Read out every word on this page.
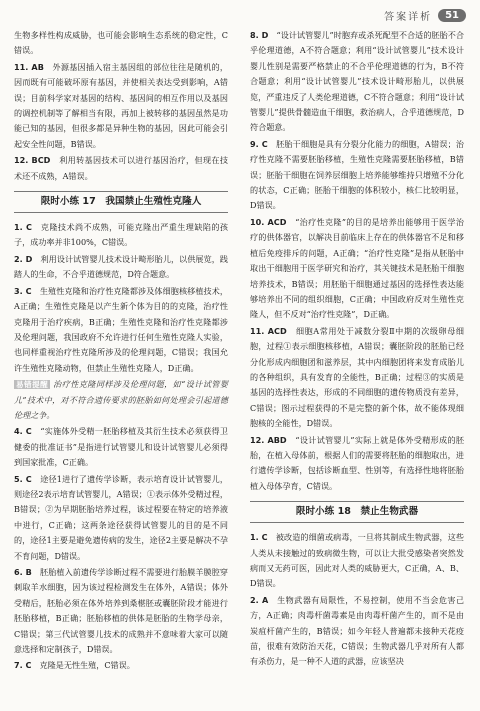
答案详析	51

生物多样性构成威胁，也可能会影响生态系统的稳定性，C错误。

11. AB　 外源基因插入宿主基因组的部位往往是随机的，因而既有可能破坏原有基因，并使相关表达受到影响，A错误；目前科学家对基因的结构、基因间的相互作用以及基因的调控机制等了解相当有限，再加上被转移的基因虽然是功能已知的基因，但很多都是异种生物的基因，因此可能会引起安全性问题，B错误。

12. BCD　 利用转基因技术可以进行基因治疗，但现在技术还不成熟，A错误。

限时小练 17　我国禁止生殖性克隆人

1. C　 克隆技术尚不成熟，可能克隆出严重生理缺陷的孩子，成功率并非100%，C错误。

2. D　 利用设计试管婴儿技术设计畸形胎儿，以供展览，践踏人的生命，不合乎道德规范，D符合题意。

3. C　 生殖性克隆和治疗性克隆都涉及体细胞核移植技术，A正确；生殖性克隆是以产生新个体为目的的克隆，治疗性克隆用于治疗疾病，B正确；生殖性克隆和治疗性克隆都涉及伦理问题，我国政府不允许进行任何生殖性克隆人实验，也同样重视治疗性克隆所涉及的伦理问题，C错误；我国允许生殖性克隆动物，但禁止生殖性克隆人，D正确。

易错提醒 治疗性克隆同样涉及伦理问题，如“设计试管婴儿”技术中，对不符合遗传要求的胚胎如何处理会引起道德伦理之争。

4. C　 “实施体外受精一胚胎移植及其衍生技术必须获得卫健委的批准证书”是指进行试管婴儿和设计试管婴儿必须得到国家批准，C正确。

5. C　 途径1进行了遗传学诊断，表示培育设计试管婴儿，则途径2表示培育试管婴儿，A错误；①表示体外受精过程，B错误；②为早期胚胎培养过程，该过程要在特定的培养液中进行，C正确；这两条途径获得试管婴儿的目的是不同的，途径1主要是避免遗传病的发生，途径2主要是解决不孕不育问题，D错误。

6. B　 胚胎植入前遗传学诊断过程不需要进行胎膜羊膜腔穿刺取羊水细胞，因为该过程检测发生在体外，A错误；体外受精后，胚胎必须在体外培养到桑椹胚或囊胚阶段才能进行胚胎移植，B正确；胚胎移植的供体是胚胎的生物学母亲，C错误；第三代试管婴儿技术的成熟并不意味着大家可以随意选择和定制孩子，D错误。

7. C　 克隆是无性生殖，C错误。

8. D　 “设计试管婴儿”时胞弃或杀死配型不合适的胚胎不合乎伦理道德，A不符合题意；利用“设计试管婴儿”技术设计婴儿性别是需要严格禁止的不合乎伦理道德的行为，B不符合题意；利用“设计试管婴儿”技术设计畸形胎儿，以供展览，严重违反了人类伦理道德，C不符合题意；利用“设计试管婴儿”提供骨髓造血干细胞，救治病人，合乎道德规范，D符合题意。

9. C　 胚胎干细胞是具有分裂分化能力的细胞，A错误；治疗性克隆不需要胚胎移植，生殖性克隆需要胚胎移植，B错误；胚胎干细胞在饲养层细胞上培养能够维持只增殖不分化的状态，C正确；胚胎干细胞的体积较小，核仁比较明显，D错误。

10. ACD　 “治疗性克隆”的目的是培养出能够用于医学治疗的供体器官，以解决目前临床上存在的供体器官不足和移植后免疫排斥的问题，A正确；“治疗性克隆”是指从胚胎中取出干细胞用于医学研究和治疗，其关键技术是胚胎干细胞培养技术，B错误；用胚胎干细胞通过基因的选择性表达能够培养出不同的组织细胞，C正确；中国政府反对生殖性克隆人，但不反对“治疗性克隆”，D正确。

11. ACD　 细胞A常用处于减数分裂Ⅱ中期的次级卵母细胞，过程①表示细胞核移植，A错误；囊胚阶段的胚胎已经分化形成内细胞团和滋养层，其中内细胞团将来发育成胎儿的各种组织，具有发育的全能性，B正确；过程③的实质是基因的选择性表达，形成的不同细胞的遗传物质没有差异，C错误；图示过程获得的不是完整的新个体，故不能体现细胞核的全能性，D错误。

12. ABD　 “设计试管婴儿”实际上就是体外受精形成的胚胎，在植入母体前，根据人们的需要将胚胎的细胞取出，进行遗传学诊断，包括诊断血型、性别等，有选择性地将胚胎植入母体孕育，C错误。

限时小练 18　禁止生物武器

1. C　 被改造的细菌或病毒，一旦将其制成生物武器，这些人类从未接触过的致病微生物，可以让大批受感染者突然发病而又无药可医，因此对人类的威胁更大，C正确，A、B、D错误。

2. A　 生物武器有局限性，不易控制，使用不当会危害己方，A正确；肉毒杆菌毒素是由肉毒杆菌产生的，而不是由炭疽杆菌产生的，B错误；如今年轻人普遍都未接种天花疫苗，很难有效防治天花，C错误；生物武器几乎对所有人都有杀伤力，是一种不人道的武器，应该坚决
